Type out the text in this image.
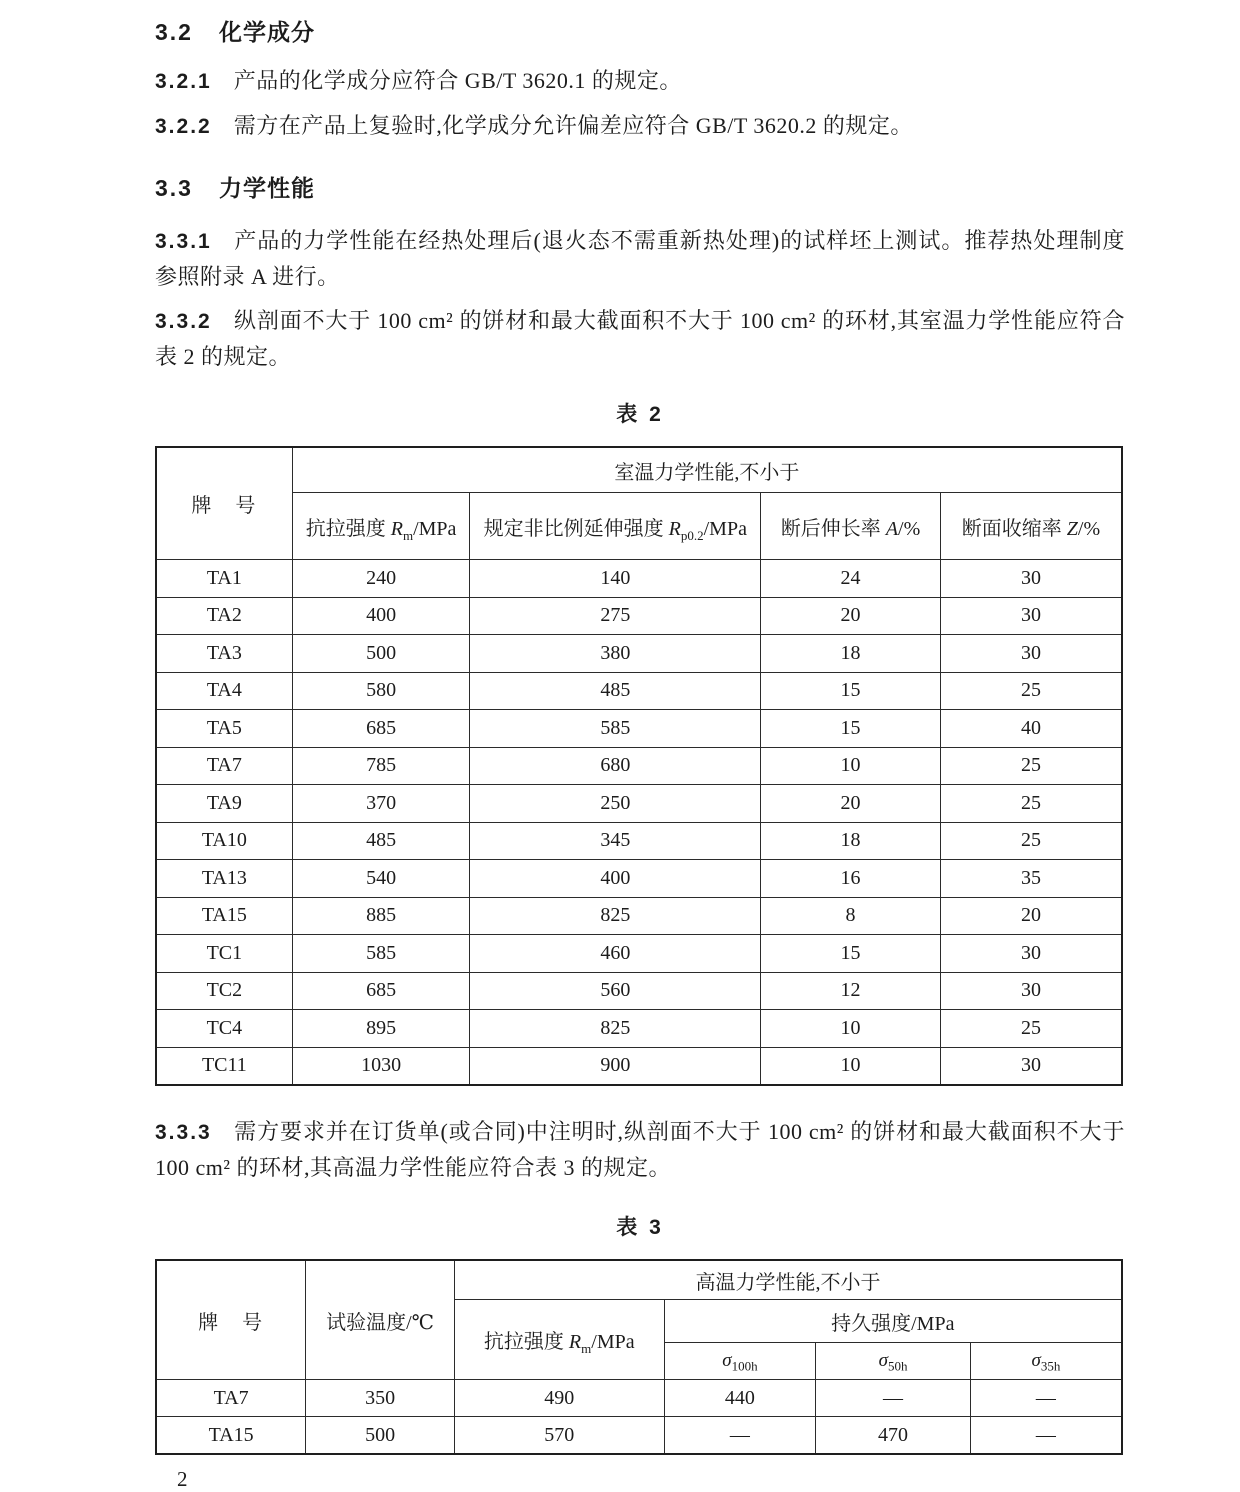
3.2 化学成分

3.2.1 产品的化学成分应符合 GB/T 3620.1 的规定。

3.2.2 需方在产品上复验时,化学成分允许偏差应符合 GB/T 3620.2 的规定。

3.3 力学性能

3.3.1 产品的力学性能在经热处理后(退火态不需重新热处理)的试样坯上测试。推荐热处理制度参照附录 A 进行。

3.3.2 纵剖面不大于 100 cm² 的饼材和最大截面积不大于 100 cm² 的环材,其室温力学性能应符合表 2 的规定。

表 2
牌　号	室温力学性能,不小于			
	抗拉强度 $R_m$/MPa	规定非比例延伸强度 $R_{p0.2}$/MPa	断后伸长率 A/%	断面收缩率 Z/%
TA1	240	140	24	30
TA2	400	275	20	30
TA3	500	380	18	30
TA4	580	485	15	25
TA5	685	585	15	40
TA7	785	680	10	25
TA9	370	250	20	25
TA10	485	345	18	25
TA13	540	400	16	35
TA15	885	825	8	20
TC1	585	460	15	30
TC2	685	560	12	30
TC4	895	825	10	25
TC11	1030	900	10	30

3.3.3 需方要求并在订货单(或合同)中注明时,纵剖面不大于 100 cm² 的饼材和最大截面积不大于 100 cm² 的环材,其高温力学性能应符合表 3 的规定。

表 3
牌　号	试验温度/℃	高温力学性能,不小于			
		抗拉强度 $R_m$/MPa	持久强度/MPa		
			$\sigma_{100h}$	$\sigma_{50h}$	$\sigma_{35h}$
TA7	350	490	440	—	—
TA15	500	570	—	470	—
2
